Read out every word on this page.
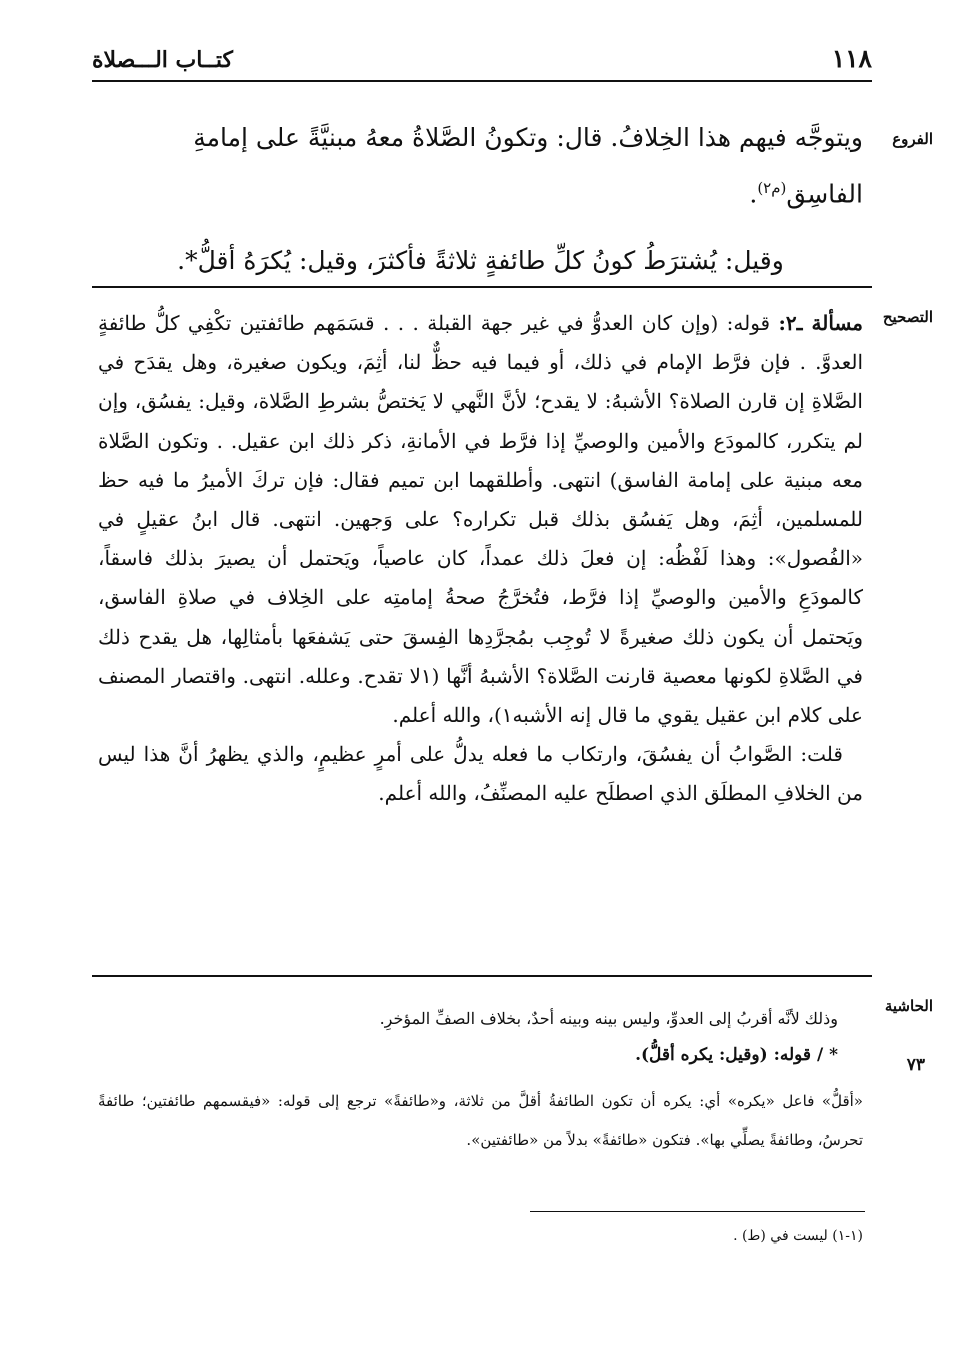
١١٨
كتــاب الـــصلاة
الفروع

ويتوجَّه فيهم هذا الخِلافُ. قال: وتكونُ الصَّلاةُ معهُ مبنيَّةً على إمامةِ

الفاسِق$^{(م٢)}$.

وقيل: يُشترَطُ كونُ كلِّ طائفةٍ ثلاثةً فأكثرَ، وقيل: يُكرَهُ أقلُّ*.

التصحيح

مسألة ـ٢: قوله: (وإن كان العدوُّ في غير جهة القبلة . . . قسَمَهم طائفتين تكْفِي كلُّ طائفةٍ العدوَّ. . فإن فرَّط الإمام في ذلك، أو فيما فيه حظٌّ لنا، أثِمَ، ويكون صغيرة، وهل يقدَح في الصَّلاةِ إن قارن الصلاة؟ الأشبهُ: لا يقدح؛ لأنَّ النَّهي لا يَختصُّ بشرطِ الصَّلاة، وقيل: يفسُق، وإن لم يتكرر، كالمودَع والأمين والوصيِّ إذا فرَّط في الأمانةِ، ذكر ذلك ابن عقيل. . وتكون الصَّلاة معه مبنية على إمامة الفاسق) انتهى. وأطلقهما ابن تميم فقال: فإن تركَ الأميرُ ما فيه حظ للمسلمين، أثِمَ، وهل يَفسُق بذلك قبل تكراره؟ على وَجهين. انتهى. قال ابنُ عقيلٍ في «الفُصول»: وهذا لَفْظُه: إن فعلَ ذلك عمداً، كان عاصياً، ويَحتمل أن يصيرَ بذلك فاسقاً، كالمودَعِ والأمين والوصيِّ إذا فرَّط، فتُخرَّجُ صحةُ إمامتِه على الخِلاف في صلاةِ الفاسق، ويَحتمل أن يكون ذلك صغيرةً لا تُوجِب بمُجرَّدِها الفِسقَ حتى يَشفعَها بأمثالِها، هل يقدح ذلك في الصَّلاةِ لكونها معصية قارنت الصَّلاة؟ الأشبهُ أنَّها (١لا تقدح. وعلله. انتهى. واقتصار المصنف على كلام ابن عقيل يقوي ما قال إنه الأشبه١)، والله أعلم.

قلت: الصَّوابُ أن يفسُقَ، وارتكاب ما فعله يدلُّ على أمرٍ عظيمٍ، والذي يظهرُ أنَّ هذا ليس من الخلافِ المطلَق الذي اصطلَح عليه المصنِّفُ، والله أعلم.

الحاشية

وذلك لأنَّه أقربُ إلى العدوِّ، وليس بينه وبينه أحدٌ، بخلاف الصفِّ المؤخرِ.

* / قوله: (وقيل: يكره أقلُّ).

«أقلُّ» فاعل «يكره» أي: يكره أن تكون الطائفةُ أقلَّ من ثلاثة، و«طائفةً» ترجع إلى قوله: «فيقسمهم طائفتين؛ طائفةً تحرسُ، وطائفةً يصلِّي بها». فتكون «طائفةً» بدلاً من «طائفتين».

٧٣
(١-١) ليست في (ط) .
